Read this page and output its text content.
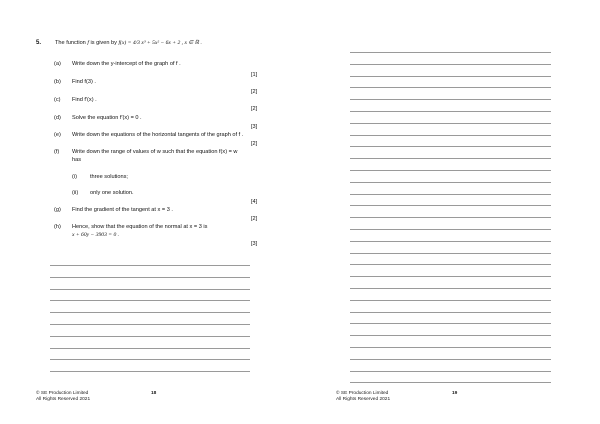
5. The function f is given by f(x) = 4/3 x³ + 5x² − 6x + 2 , x ∈ ℝ .
(a) Write down the y-intercept of the graph of f .
[1]
(b) Find f(3) .
[2]
(c) Find f′(x) .
[2]
(d) Solve the equation f′(x) = 0 .
[3]
(e) Write down the equations of the horizontal tangents of the graph of f .
[2]
(f) Write down the range of values of w such that the equation f(x) = w
has
(i) three solutions;
(ii) only one solution.
[4]
(g) Find the gradient of the tangent at x = 3 .
[2]
(h) Hence, show that the equation of the normal at x = 3 is
x + 60y − 3903 = 0 .
[3]
© SE Production Limited
All Rights Reserved 2021
18	© SE Production Limited
All Rights Reserved 2021
19
